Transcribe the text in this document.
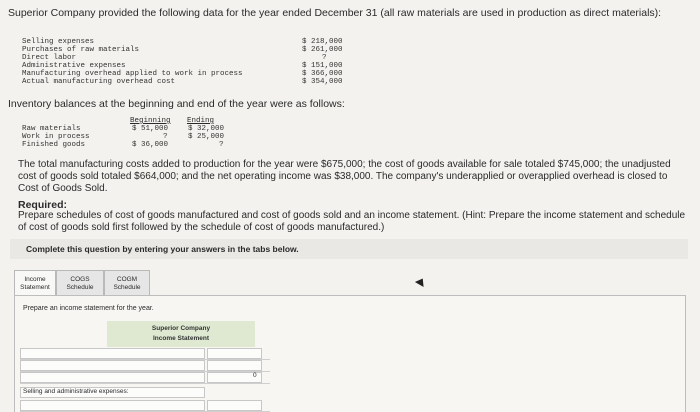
Superior Company provided the following data for the year ended December 31 (all raw materials are used in production as direct materials):
Selling expenses	$ 218,000
Purchases of raw materials	$ 261,000
Direct labor	?
Administrative expenses	$ 151,000
Manufacturing overhead applied to work in process	$ 366,000
Actual manufacturing overhead cost	$ 354,000
Inventory balances at the beginning and end of the year were as follows:
Beginning Ending
Raw materials	$ 51,000	$ 32,000
Work in process	?	$ 25,000
Finished goods	$ 36,000	?
The total manufacturing costs added to production for the year were $675,000; the cost of goods available for sale totaled $745,000; the unadjusted cost of goods sold totaled $664,000; and the net operating income was $38,000. The company's underapplied or overapplied overhead is closed to Cost of Goods Sold.
Required:
Prepare schedules of cost of goods manufactured and cost of goods sold and an income statement. (Hint: Prepare the income statement and schedule of cost of goods sold first followed by the schedule of cost of goods manufactured.)
Complete this question by entering your answers in the tabs below.
Income Statement
COGS Schedule
COGM Schedule
Prepare an income statement for the year.
Superior Company
Income Statement
0
Selling and administrative expenses:
